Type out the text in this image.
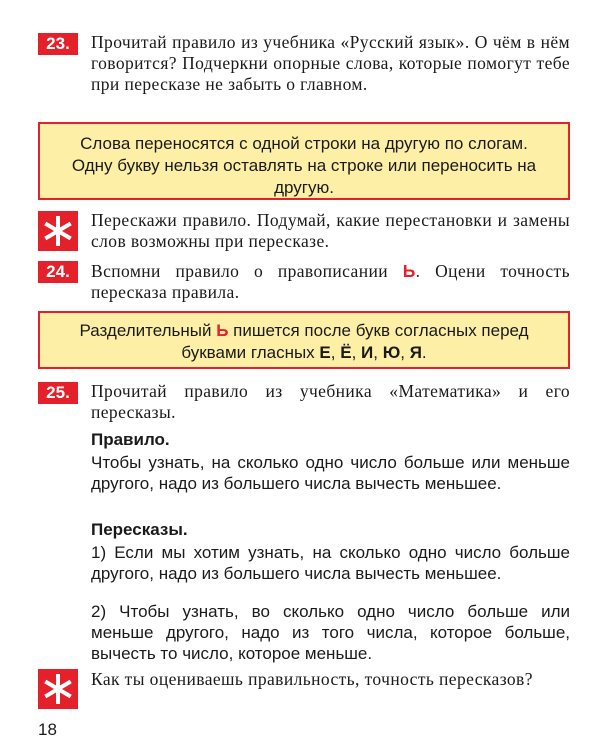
23.	Прочитай правило из учебника «Русский язык». О чём в нём говорится? Подчеркни опорные слова, которые помогут тебе при пересказе не забыть о главном.
Слова переносятся с одной строки на другую по слогам. Одну букву нельзя оставлять на строке или переносить на другую.
Перескажи правило. Подумай, какие перестановки и замены слов возможны при пересказе.
24.	Вспомни правило о правописании Ь. Оцени точность пересказа правила.
Разделительный Ь пишется после букв согласных перед буквами гласных Е, Ё, И, Ю, Я.
25.	Прочитай правило из учебника «Математика» и его пересказы.
Правило.
Чтобы узнать, на сколько одно число больше или меньше другого, надо из большего числа вычесть меньшее.
Пересказы.
1) Если мы хотим узнать, на сколько одно число больше другого, надо из большего числа вычесть меньшее.
2) Чтобы узнать, во сколько одно число больше или меньше другого, надо из того числа, которое больше, вычесть то число, которое меньше.
Как ты оцениваешь правильность, точность пересказов?
18
